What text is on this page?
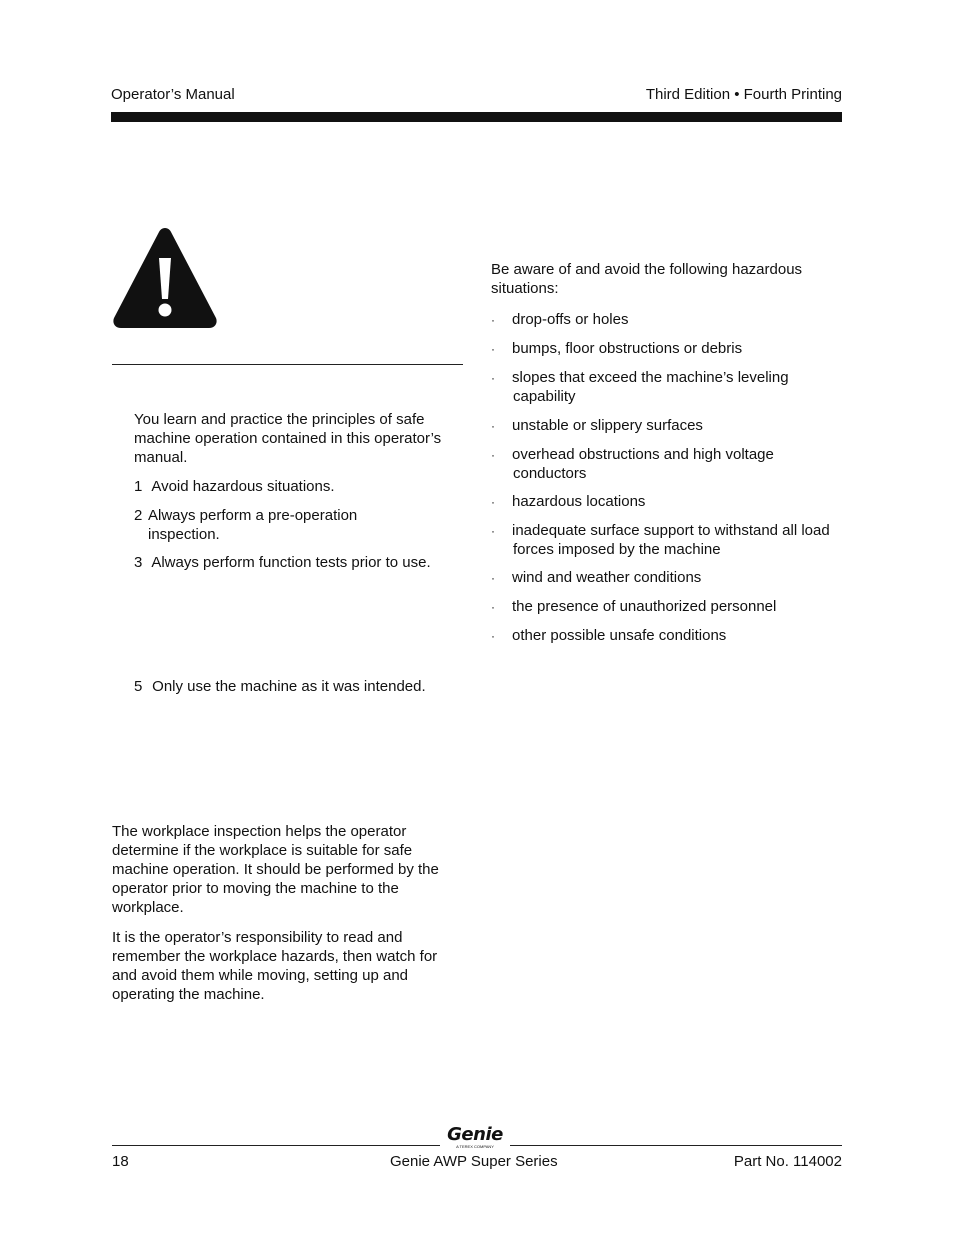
Operator’s Manual	Third Edition • Fourth Printing
You learn and practice the principles of safe machine operation contained in this operator’s manual.
1 Avoid hazardous situations.
2 Always perform a pre-operation inspection.
3 Always perform function tests prior to use.
5 Only use the machine as it was intended.
The workplace inspection helps the operator determine if the workplace is suitable for safe machine operation. It should be performed by the operator prior to moving the machine to the workplace.
It is the operator’s responsibility to read and remember the workplace hazards, then watch for and avoid them while moving, setting up and operating the machine.
Be aware of and avoid the following hazardous situations:
·	drop-offs or holes
·	bumps, floor obstructions or debris
·	slopes that exceed the machine’s leveling
capability
·	unstable or slippery surfaces
·	overhead obstructions and high voltage
conductors
·	hazardous locations
·	inadequate surface support to withstand all load
forces imposed by the machine
·	wind and weather conditions
·	the presence of unauthorized personnel
·	other possible unsafe conditions
Genie
A TEREX COMPANY
18	Genie AWP Super Series	Part No. 114002
